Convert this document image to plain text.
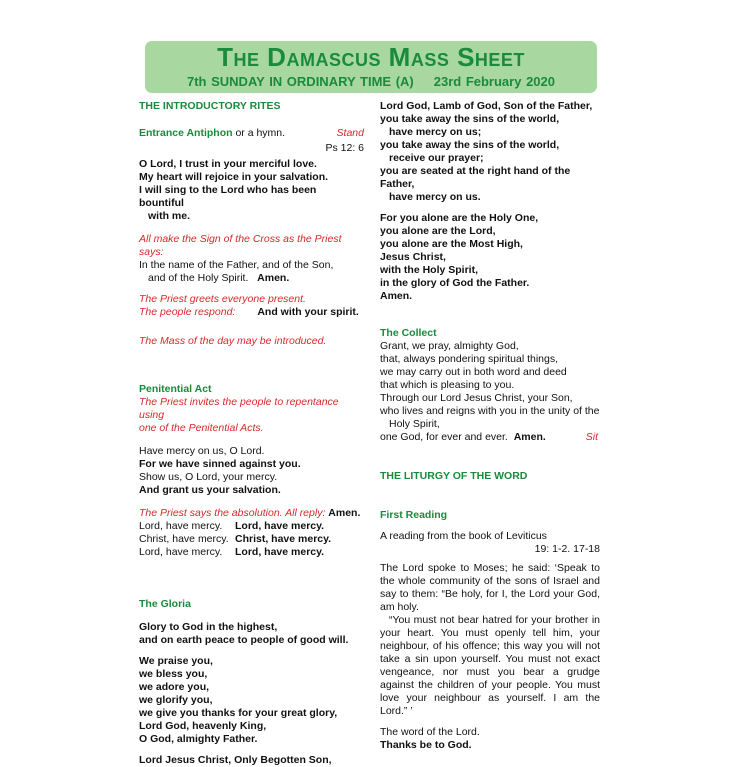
The Damascus Mass Sheet
7th SUNDAY IN ORDINARY TIME (A) 23rd February 2020
THE INTRODUCTORY RITES
Entrance Antiphon or a hymn.	Stand
Ps 12: 6
O Lord, I trust in your merciful love.
My heart will rejoice in your salvation.
I will sing to the Lord who has been bountiful
with me.
All make the Sign of the Cross as the Priest says:
In the name of the Father, and of the Son,
and of the Holy Spirit. Amen.
The Priest greets everyone present.
The people respond: And with your spirit.
The Mass of the day may be introduced.
Penitential Act
The Priest invites the people to repentance using
one of the Penitential Acts.
Have mercy on us, O Lord.
For we have sinned against you.
Show us, O Lord, your mercy.
And grant us your salvation.
The Priest says the absolution. All reply: Amen.
Lord, have mercy.	Lord, have mercy.
Christ, have mercy. Christ, have mercy.
Lord, have mercy.	Lord, have mercy.
The Gloria
Glory to God in the highest,
and on earth peace to people of good will.
We praise you,
we bless you,
we adore you,
we glorify you,
we give you thanks for your great glory,
Lord God, heavenly King,
O God, almighty Father.
Lord Jesus Christ, Only Begotten Son,
Lord God, Lamb of God, Son of the Father,
you take away the sins of the world,
have mercy on us;
you take away the sins of the world,
receive our prayer;
you are seated at the right hand of the Father,
have mercy on us.
For you alone are the Holy One,
you alone are the Lord,
you alone are the Most High,
Jesus Christ,
with the Holy Spirit,
in the glory of God the Father.
Amen.
The Collect
Grant, we pray, almighty God,
that, always pondering spiritual things,
we may carry out in both word and deed
that which is pleasing to you.
Through our Lord Jesus Christ, your Son,
who lives and reigns with you in the unity of the
Holy Spirit,
one God, for ever and ever. Amen.	Sit
THE LITURGY OF THE WORD
First Reading
A reading from the book of Leviticus
19: 1-2. 17-18
The Lord spoke to Moses; he said: ‘Speak to the whole community of the sons of Israel and say to them: “Be holy, for I, the Lord your God, am holy.
“You must not bear hatred for your brother in your heart. You must openly tell him, your neighbour, of his offence; this way you will not take a sin upon yourself. You must not exact vengeance, nor must you bear a grudge against the children of your people. You must love your neighbour as yourself. I am the Lord.” ’
The word of the Lord.
Thanks be to God.
